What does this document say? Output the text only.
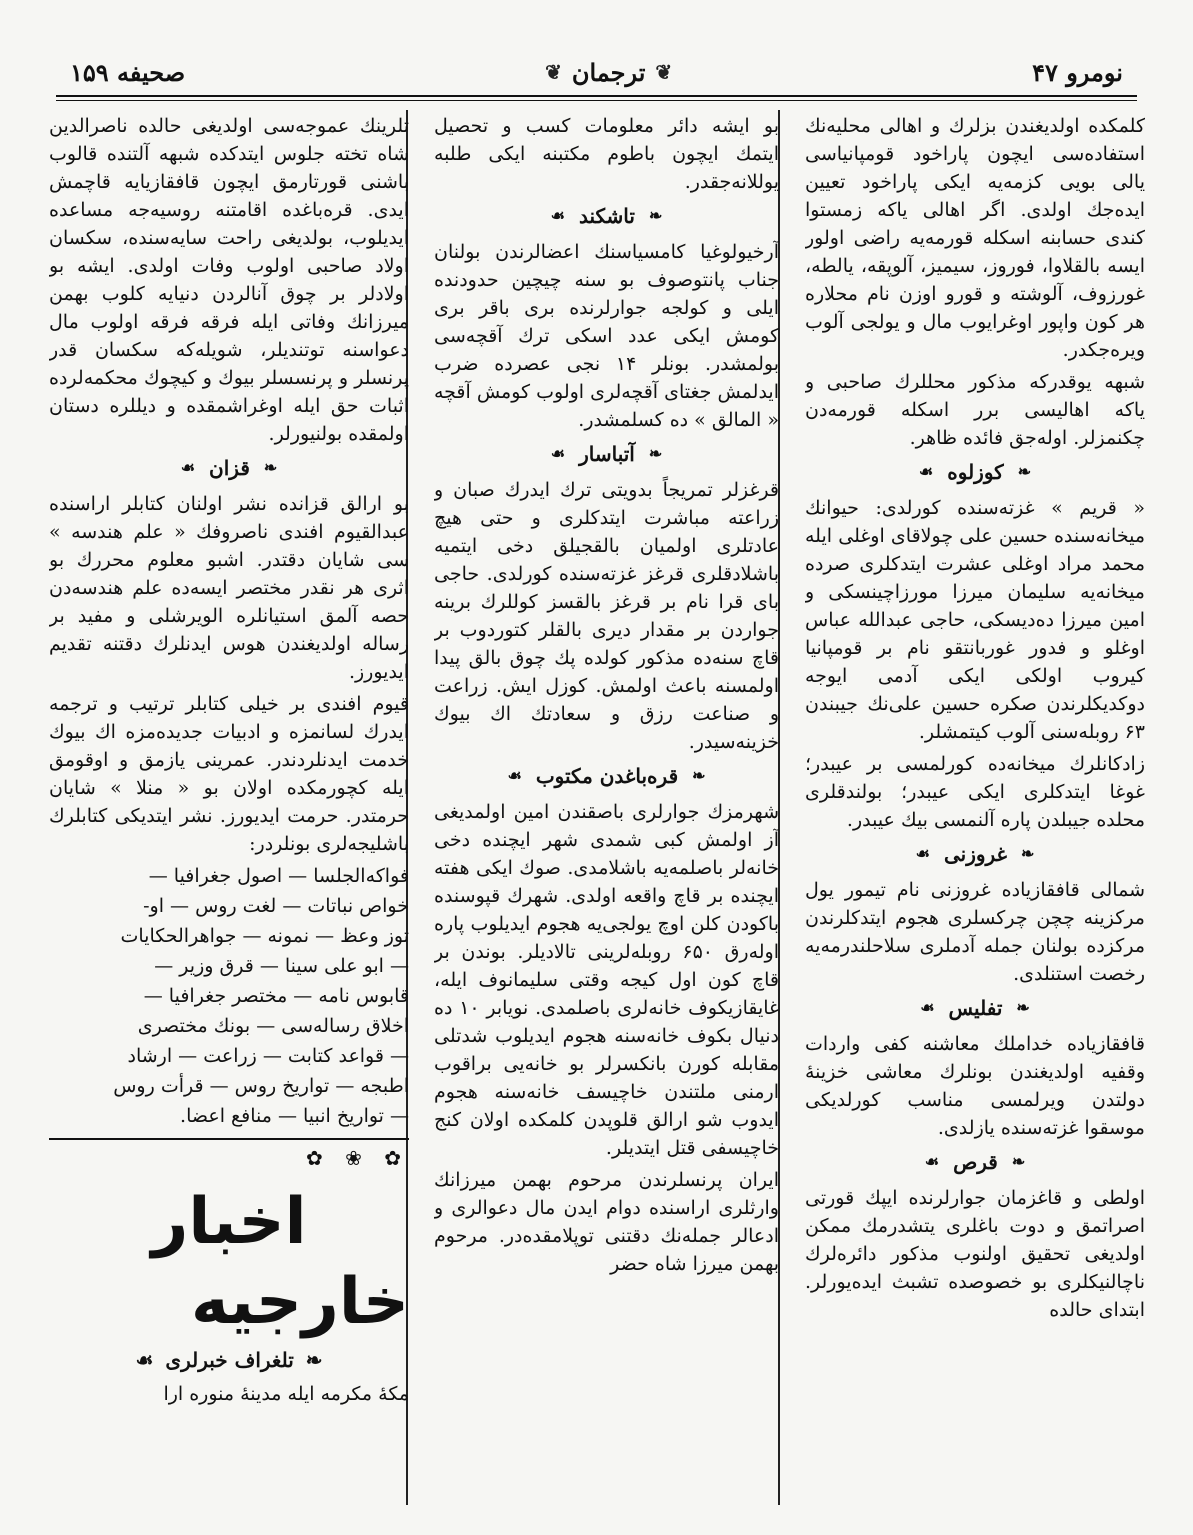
صحیفه ۱۵۹	❦
ترجمان
❦	نومرو ۴۷

کلمکده اولدیغندن بزلرك و اهالی محلیه‌نك استفاده‌سی ایچون پاراخود قومپانیاسی یالی بویی کزمه‌یه ایکی پاراخود تعیین ایده‌جك اولدی. اگر اهالی یاکه زمستوا کندی حسابنه اسکله قورمه‌یه راضی اولور ایسه بالقلاوا، فوروز، سیمیز، آلوپقه، یالطه، غورزوف، آلوشته و قورو اوزن نام محلاره هر کون واپور اوغرایوب مال و یولجی آلوب ویره‌جکدر.

شبهه یوقدرکه مذکور محللرك صاحبی و یاکه اهالیسی برر اسکله قورمه‌دن چکنمزلر. اوله‌جق فائده ظاهر.

❧
کوزلوه
☙

« قریم » غزته‌سنده کورلدی: حیوانك میخانه‌سنده حسین علی چولاقای اوغلی ایله محمد مراد اوغلی عشرت ایتدکلری صرده میخانه‌یه سلیمان میرزا مورزاچینسکی و امین میرزا ده‌دیسکی، حاجی عبدالله عباس اوغلو و فدور غوربانتقو نام بر قومپانیا کیروب اولکی ایکی آدمی ایوجه دوکدیکلرندن صکره حسین علی‌نك جیبندن ۶۳ روبله‌سنی آلوب کیتمشلر.

زادکانلرك میخانه‌ده کورلمسی بر عیبدر؛ غوغا ایتدکلری ایکی عیبدر؛ بولندقلری محلده جیبلدن پاره آلنمسی بیك عیبدر.

❧
غروزنی
☙

شمالی قافقازیاده غروزنی نام تیمور یول مرکزینه چچن چرکسلری هجوم ایتدکلرندن مرکزده بولنان جمله آدملری سلاحلندرمه‌یه رخصت استنلدی.

❧
تفلیس
☙

قافقازیاده خداملك معاشنه کفی واردات وقفیه اولدیغندن بونلرك معاشی خزینهٔ دولتدن ویرلمسی مناسب کورلدیکی موسقوا غزته‌سنده یازلدی.

❧
قرص
☙

اولطی و قاغزمان جوارلرنده ایپك قورتی اصراتمق و دوت باغلری یتشدرمك ممکن اولدیغی تحقیق اولنوب مذکور دائره‌لرك ناچالنیکلری بو خصوصده تشبث ایده‌یورلر. ابتدای حالده

بو ایشه دائر معلومات کسب و تحصیل ایتمك ایچون باطوم مکتبنه ایکی طلبه یوللانه‌جقدر.

❧
تاشکند
☙

آرخیولوغیا کامسیاسنك اعضالرندن بولنان جناب پانتوصوف بو سنه چیچین حدودنده ایلی و کولجه جوارلرنده بری باقر بری کومش ایکی عدد اسکی ترك آقچه‌سی بولمشدر. بونلر ۱۴ نجی عصرده ضرب ایدلمش جغتای آقچه‌لری اولوب کومش آقچه « المالق » ده کسلمشدر.

❧
آتباسار
☙

قرغزلر تمریجاً بدویتی ترك ایدرك صبان و زراعته مباشرت ایتدکلری و حتی هیچ عادتلری اولمیان بالقجیلق دخی ایتمیه باشلادقلری قرغز غزته‌سنده کورلدی. حاجی بای قرا نام بر قرغز بالقسز کوللرك برینه جواردن بر مقدار دیری بالقلر کتوردوب بر قاچ سنه‌ده مذکور کولده پك چوق بالق پیدا اولمسنه باعث اولمش. کوزل ایش. زراعت و صناعت رزق و سعادتك اك بیوك خزینه‌سیدر.

❧
قره‌باغدن مکتوب
☙

شهرمزك جوارلری باصقندن امین اولمدیغی آز اولمش کبی شمدی شهر ایچنده دخی خانه‌لر باصلمه‌یه باشلامدی. صوك ایکی هفته ایچنده بر قاچ واقعه اولدی. شهرك قپوسنده باکودن کلن اوچ یولجی‌یه هجوم ایدیلوب پاره اوله‌رق ۶۵۰ روبله‌لرینی تالادیلر. بوندن بر قاچ کون اول کیجه وقتی سلیمانوف ایله، غایقازیکوف خانه‌لری باصلمدی. نویابر ۱۰ ده دنیال بکوف خانه‌سنه هجوم ایدیلوب شدتلی مقابله کورن بانکسرلر بو خانه‌یی براقوب ارمنی ملتندن خاچیسف خانه‌سنه هجوم ایدوب شو ارالق قلوپدن کلمکده اولان کنج خاچیسفی قتل ایتدیلر.

ایران پرنسلرندن مرحوم بهمن میرزانك وارثلری اراسنده دوام ایدن مال دعوالری و ادعالر جمله‌نك دقتنی توپلامقده‌در. مرحوم بهمن میرزا شاه حضر

تلرینك عموجه‌سی اولدیغی حالده ناصرالدین شاه تخته جلوس ایتدکده شبهه آلتنده قالوب باشنی قورتارمق ایچون قافقازیایه قاچمش ایدی. قره‌باغده اقامتنه روسیه‌جه مساعده ایدیلوب، بولدیغی راحت سایه‌سنده، سکسان اولاد صاحبی اولوب وفات اولدی. ایشه بو اولادلر بر چوق آنالردن دنیایه کلوب بهمن میرزانك وفاتی ایله فرقه فرقه اولوب مال دعواسنه توتندیلر، شویله‌که سکسان قدر پرنسلر و پرنسسلر بیوك و کیچوك محکمه‌لرده اثبات حق ایله اوغراشمقده و دیللره دستان اولمقده بولنیورلر.

❧
قزان
☙

بو ارالق قزانده نشر اولنان کتابلر اراسنده عبدالقیوم افندی ناصروفك « علم هندسه » سی شایان دقتدر. اشبو معلوم محررك بو اثری هر نقدر مختصر ایسه‌ده علم هندسه‌دن حصه آلمق استیانلره الویرشلی و مفید بر رساله اولدیغندن هوس ایدنلرك دقتنه تقدیم ایدیورز.

قیوم افندی بر خیلی کتابلر ترتیب و ترجمه ایدرك لسانمزه و ادبیات جدیده‌مزه اك بیوك خدمت ایدنلردندر. عمرینی یازمق و اوقومق ایله کچورمکده اولان بو « منلا » شایان حرمتدر. حرمت ایدیورز. نشر ایتدیکی کتابلرك باشلیجه‌لری بونلردر:

فواکه‌الجلسا — اصول جغرافیا —

خواص نباتات — لغت روس — او-

توز وعظ — نمونه — جواهرالحکایات

— ابو علی سینا — قرق وزیر —

قابوس نامه — مختصر جغرافیا —

اخلاق رساله‌سی — بونك مختصری

— قواعد کتابت — زراعت — ارشاد

اطبجه — تواریخ روس — قرأت روس

— تواریخ انبیا — منافع اعضا.

✿ ❀ ✿
اخبار خارجیه
❧
تلغراف خبرلری
☙

مکهٔ مکرمه ایله مدینهٔ منوره ارا
